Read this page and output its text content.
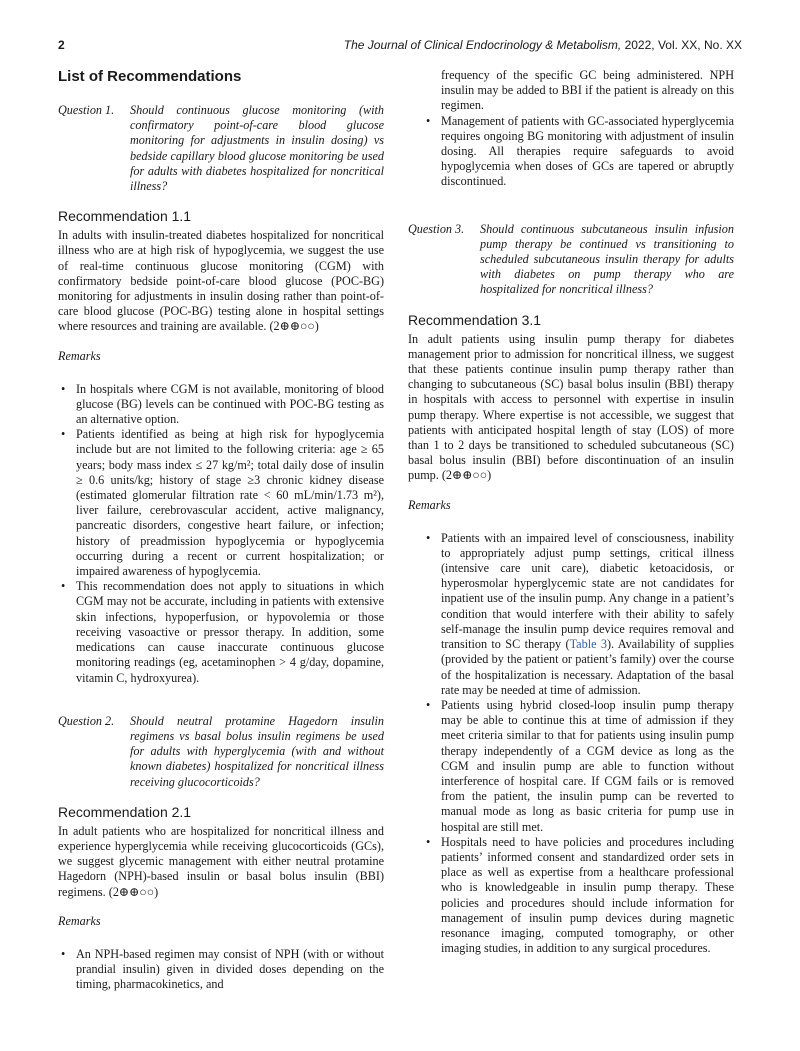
2	The Journal of Clinical Endocrinology & Metabolism, 2022, Vol. XX, No. XX
List of Recommendations
Question 1.	Should continuous glucose monitoring (with confirmatory point-of-care blood glucose monitoring for adjustments in insulin dosing) vs bedside capillary blood glucose monitoring be used for adults with diabetes hospitalized for noncritical illness?
Recommendation 1.1

In adults with insulin-treated diabetes hospitalized for noncritical illness who are at high risk of hypoglycemia, we suggest the use of real-time continuous glucose monitoring (CGM) with confirmatory bedside point-of-care blood glucose (POC-BG) monitoring for adjustments in insulin dosing rather than point-of-care blood glucose (POC-BG) testing alone in hospital settings where resources and training are available. (2⊕⊕○○)

Remarks

• In hospitals where CGM is not available, monitoring of blood glucose (BG) levels can be continued with POC-BG testing as an alternative option.
• Patients identified as being at high risk for hypoglycemia include but are not limited to the following criteria: age ≥ 65 years; body mass index ≤ 27 kg/m²; total daily dose of insulin ≥ 0.6 units/kg; history of stage ≥3 chronic kidney disease (estimated glomerular filtration rate < 60 mL/min/1.73 m²), liver failure, cerebrovascular accident, active malignancy, pancreatic disorders, congestive heart failure, or infection; history of preadmission hypoglycemia or hypoglycemia occurring during a recent or current hospitalization; or impaired awareness of hypoglycemia.
• This recommendation does not apply to situations in which CGM may not be accurate, including in patients with extensive skin infections, hypoperfusion, or hypovolemia or those receiving vasoactive or pressor therapy. In addition, some medications can cause inaccurate continuous glucose monitoring readings (eg, acetaminophen > 4 g/day, dopamine, vitamin C, hydroxyurea).
Question 2.	Should neutral protamine Hagedorn insulin regimens vs basal bolus insulin regimens be used for adults with hyperglycemia (with and without known diabetes) hospitalized for noncritical illness receiving glucocorticoids?
Recommendation 2.1

In adult patients who are hospitalized for noncritical illness and experience hyperglycemia while receiving glucocorticoids (GCs), we suggest glycemic management with either neutral protamine Hagedorn (NPH)-based insulin or basal bolus insulin (BBI) regimens. (2⊕⊕○○)

Remarks

• An NPH-based regimen may consist of NPH (with or without prandial insulin) given in divided doses depending on the timing, pharmacokinetics, and

frequency of the specific GC being administered. NPH insulin may be added to BBI if the patient is already on this regimen.

• Management of patients with GC-associated hyperglycemia requires ongoing BG monitoring with adjustment of insulin dosing. All therapies require safeguards to avoid hypoglycemia when doses of GCs are tapered or abruptly discontinued.
Question 3.	Should continuous subcutaneous insulin infusion pump therapy be continued vs transitioning to scheduled subcutaneous insulin therapy for adults with diabetes on pump therapy who are hospitalized for noncritical illness?
Recommendation 3.1

In adult patients using insulin pump therapy for diabetes management prior to admission for noncritical illness, we suggest that these patients continue insulin pump therapy rather than changing to subcutaneous (SC) basal bolus insulin (BBI) therapy in hospitals with access to personnel with expertise in insulin pump therapy. Where expertise is not accessible, we suggest that patients with anticipated hospital length of stay (LOS) of more than 1 to 2 days be transitioned to scheduled subcutaneous (SC) basal bolus insulin (BBI) before discontinuation of an insulin pump. (2⊕⊕○○)

Remarks

• Patients with an impaired level of consciousness, inability to appropriately adjust pump settings, critical illness (intensive care unit care), diabetic ketoacidosis, or hyperosmolar hyperglycemic state are not candidates for inpatient use of the insulin pump. Any change in a patient’s condition that would interfere with their ability to safely self-manage the insulin pump device requires removal and transition to SC therapy (Table 3). Availability of supplies (provided by the patient or patient’s family) over the course of the hospitalization is necessary. Adaptation of the basal rate may be needed at time of admission.
• Patients using hybrid closed-loop insulin pump therapy may be able to continue this at time of admission if they meet criteria similar to that for patients using insulin pump therapy independently of a CGM device as long as the CGM and insulin pump are able to function without interference of hospital care. If CGM fails or is removed from the patient, the insulin pump can be reverted to manual mode as long as basic criteria for pump use in hospital are still met.
• Hospitals need to have policies and procedures including patients’ informed consent and standardized order sets in place as well as expertise from a healthcare professional who is knowledgeable in insulin pump therapy. These policies and procedures should include information for management of insulin pump devices during magnetic resonance imaging, computed tomography, or other imaging studies, in addition to any surgical procedures.
